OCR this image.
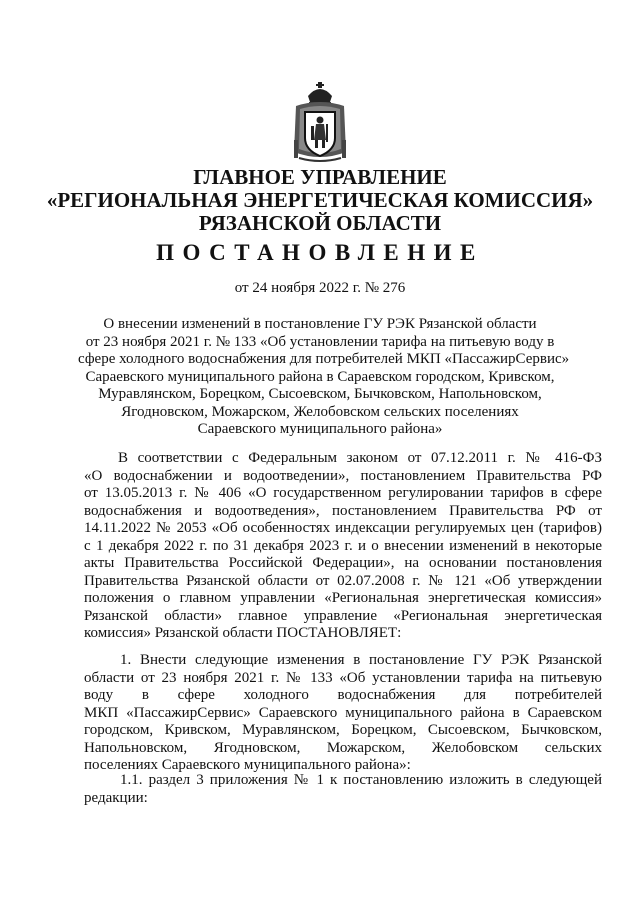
ГЛАВНОЕ УПРАВЛЕНИЕ
«РЕГИОНАЛЬНАЯ ЭНЕРГЕТИЧЕСКАЯ КОМИССИЯ»
РЯЗАНСКОЙ ОБЛАСТИ
ПОСТАНОВЛЕНИЕ
от 24 ноября 2022 г. № 276
О внесении изменений в постановление ГУ РЭК Рязанской области
от 23 ноября 2021 г. № 133 «Об установлении тарифа на питьевую воду в
сфере холодного водоснабжения для потребителей МКП «ПассажирСервис»
Сараевского муниципального района в Сараевском городском, Кривском,
Муравлянском, Борецком, Сысоевском, Бычковском, Напольновском,
Ягодновском, Можарском, Желобовском сельских поселениях
Сараевского муниципального района»
В соответствии с Федеральным законом от 07.12.2011 г. № 416-ФЗ
«О водоснабжении и водоотведении», постановлением Правительства РФ
от 13.05.2013 г. № 406 «О государственном регулировании тарифов в сфере
водоснабжения и водоотведения», постановлением Правительства РФ от
14.11.2022 № 2053 «Об особенностях индексации регулируемых цен (тарифов)
с 1 декабря 2022 г. по 31 декабря 2023 г. и о внесении изменений в некоторые
акты Правительства Российской Федерации», на основании постановления
Правительства Рязанской области от 02.07.2008 г. № 121 «Об утверждении
положения о главном управлении «Региональная энергетическая комиссия»
Рязанской области» главное управление «Региональная энергетическая
комиссия» Рязанской области ПОСТАНОВЛЯЕТ:
1. Внести следующие изменения в постановление ГУ РЭК Рязанской
области от 23 ноября 2021 г. № 133 «Об установлении тарифа на питьевую
воду в сфере холодного водоснабжения для потребителей
МКП «ПассажирСервис» Сараевского муниципального района в Сараевском
городском, Кривском, Муравлянском, Борецком, Сысоевском, Бычковском,
Напольновском, Ягодновском, Можарском, Желобовском сельских
поселениях Сараевского муниципального района»:
1.1. раздел 3 приложения № 1 к постановлению изложить в следующей
редакции:
